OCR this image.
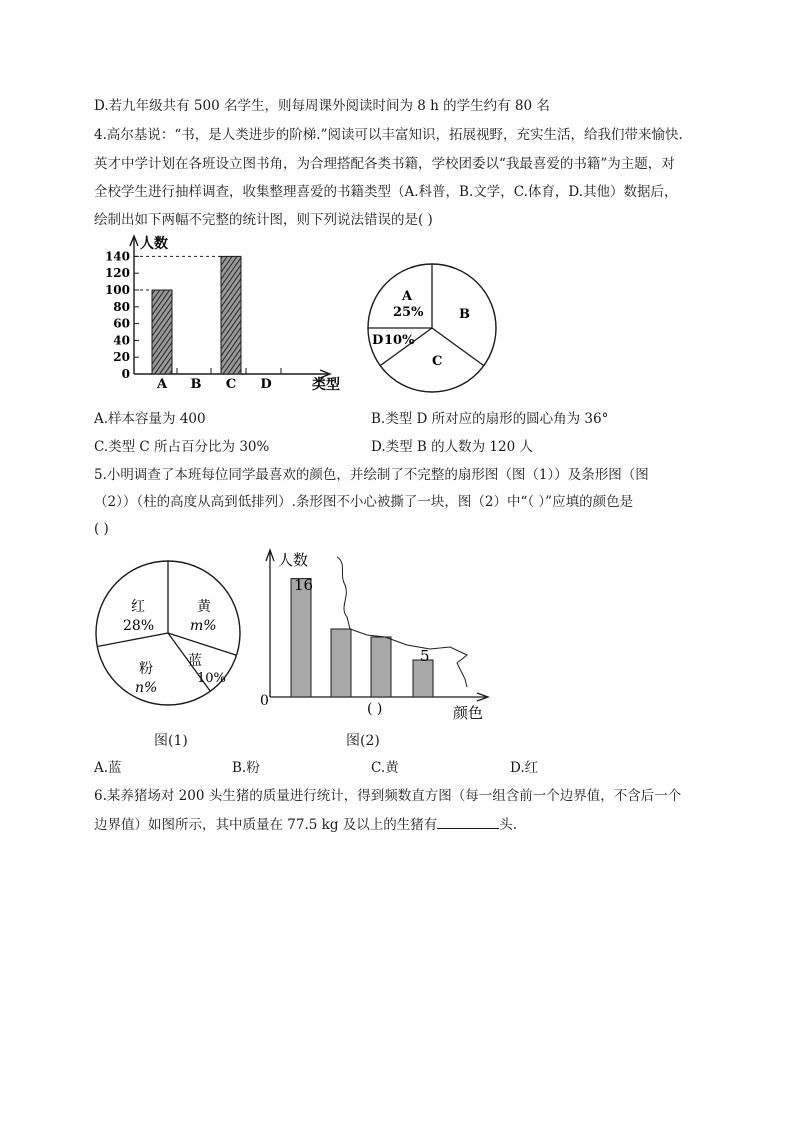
D.若九年级共有 500 名学生，则每周课外阅读时间为 8 h 的学生约有 80 名
4.高尔基说：“书，是人类进步的阶梯.”阅读可以丰富知识，拓展视野，充实生活，给我们带来愉快.
英才中学计划在各班设立图书角，为合理搭配各类书籍，学校团委以“我最喜爱的书籍”为主题，对
全校学生进行抽样调查，收集整理喜爱的书籍类型（A.科普，B.文学，C.体育，D.其他）数据后，
绘制出如下两幅不完整的统计图，则下列说法错误的是( )
0
20
40
60
80
100
120
140
A B C D
人数
类型
A
25%	B
C
D 10%
A.样本容量为 400	B.类型 D 所对应的扇形的圆心角为 36°
C.类型 C 所占百分比为 30%	D.类型 B 的人数为 120 人
5.小明调查了本班每位同学最喜欢的颜色，并绘制了不完整的扇形图（图（1））及条形图（图
（2））（柱的高度从高到低排列）.条形图不小心被撕了一块，图（2）中“（ ）”应填的颜色是
( )
红
28%
黄
m%
蓝
10%
粉
n%
图(1)
人数
颜色
0	( )
16
5
图(2)
A.蓝	B.粉	C.黄	D.红
6.某养猪场对 200 头生猪的质量进行统计，得到频数直方图（每一组含前一个边界值，不含后一个
边界值）如图所示，其中质量在 77.5 kg 及以上的生猪有	头.
